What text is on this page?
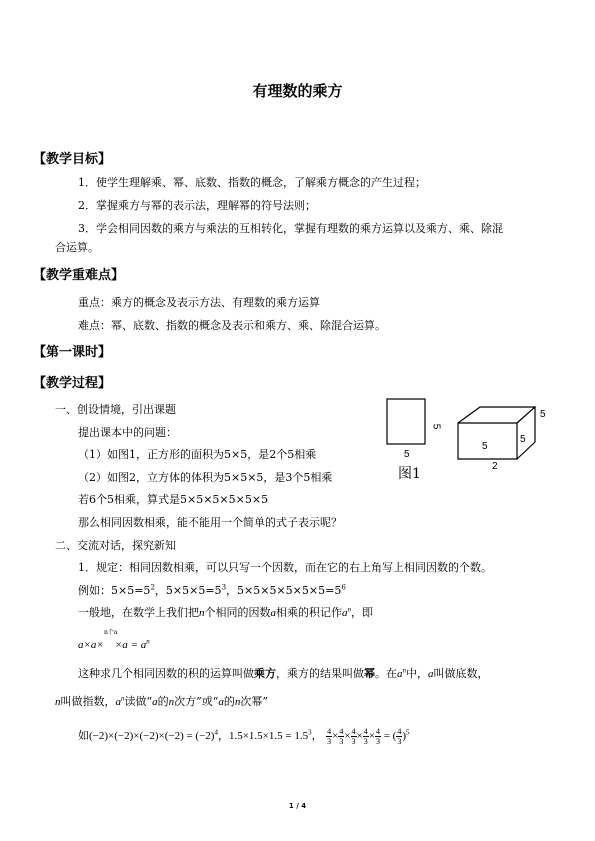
有理数的乘方
【教学目标】
1．使学生理解乘、幂、底数、指数的概念，了解乘方概念的产生过程；
2．掌握乘方与幂的表示法，理解幂的符号法则；
3．学会相同因数的乘方与乘法的互相转化，掌握有理数的乘方运算以及乘方、乘、除混
合运算。
【教学重难点】
重点：乘方的概念及表示方法、有理数的乘方运算
难点：幂、底数、指数的概念及表示和乘方、乘、除混合运算。
【第一课时】
【教学过程】
一、创设情境，引出课题
提出课本中的问题：
（1）如图1，正方形的面积为5×5，是2个5相乘
（2）如图2，立方体的体积为5×5×5，是3个5相乘
若6个5相乘，算式是5×5×5×5×5×5
那么相同因数相乘，能不能用一个简单的式子表示呢？
5
5
5
5
5
2
图1
二、交流对话，探究新知
1．规定：相同因数相乘，可以只写一个因数，而在它的右上角写上相同因数的个数。
例如：$5\times 5=5^2$，$5\times 5\times 5=5^3$，$5\times 5\times 5\times 5\times 5\times 5=5^6$
一般地，在数学上我们把n个相同的因数a相乘的积记作$a^n$，即
n个a
a×a×    $\times a = a^n$
这种求几个相同因数的积的运算叫做乘方，乘方的结果叫做幂。在$a^n$中，a叫做底数，
n叫做指数，$a^n$读做“a的n次方”或“a的n次幂”
如$(-2)\times(-2)\times(-2)\times(-2) = (-2)^4$，$1.5\times 1.5\times 1.5 = 1.5^3$， $\frac{4}{3} \times \frac{4}{3} \times \frac{4}{3} \times \frac{4}{3} \times \frac{4}{3}$ = ( $\frac{4}{3} )^5$
1 / 4
